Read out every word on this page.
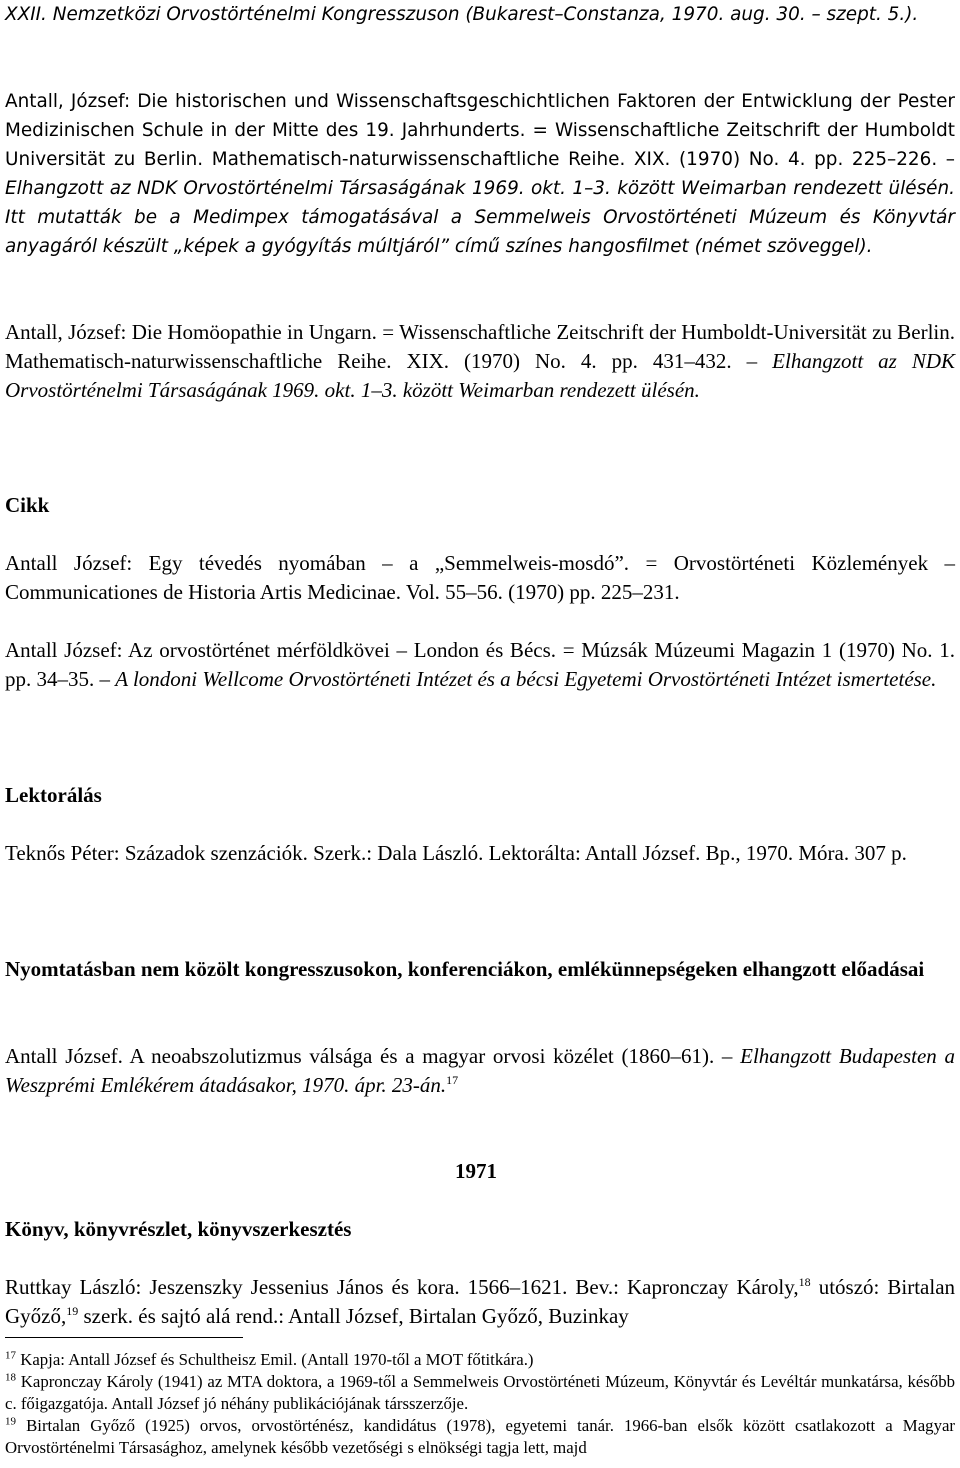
XXII. Nemzetközi Orvostörténelmi Kongresszuson (Bukarest–Constanza, 1970. aug. 30. – szept. 5.).
Antall, József: Die historischen und Wissenschaftsgeschichtlichen Faktoren der Entwicklung der Pester Medizinischen Schule in der Mitte des 19. Jahrhunderts. = Wissenschaftliche Zeitschrift der Humboldt Universität zu Berlin. Mathematisch-naturwissenschaftliche Reihe. XIX. (1970) No. 4. pp. 225–226. – Elhangzott az NDK Orvostörténelmi Társaságának 1969. okt. 1–3. között Weimarban rendezett ülésén. Itt mutatták be a Medimpex támogatásával a Semmelweis Orvostörténeti Múzeum és Könyvtár anyagáról készült „képek a gyógyítás múltjáról” című színes hangosfilmet (német szöveggel).
Antall, József: Die Homöopathie in Ungarn. = Wissenschaftliche Zeitschrift der Humboldt-Universität zu Berlin. Mathematisch-naturwissenschaftliche Reihe. XIX. (1970) No. 4. pp. 431–432. – Elhangzott az NDK Orvostörténelmi Társaságának 1969. okt. 1–3. között Weimarban rendezett ülésén.
Cikk
Antall József: Egy tévedés nyomában – a „Semmelweis-mosdó”. = Orvostörténeti Közlemények – Communicationes de Historia Artis Medicinae. Vol. 55–56. (1970) pp. 225–231.
Antall József: Az orvostörténet mérföldkövei – London és Bécs. = Múzsák Múzeumi Magazin 1 (1970) No. 1. pp. 34–35. – A londoni Wellcome Orvostörténeti Intézet és a bécsi Egyetemi Orvostörténeti Intézet ismertetése.
Lektorálás
Teknős Péter: Századok szenzációk. Szerk.: Dala László. Lektorálta: Antall József. Bp., 1970. Móra. 307 p.
Nyomtatásban nem közölt kongresszusokon, konferenciákon, emlékünnepségeken elhangzott előadásai
Antall József. A neoabszolutizmus válsága és a magyar orvosi közélet (1860–61). – Elhangzott Budapesten a Weszprémi Emlékérem átadásakor, 1970. ápr. 23-án.$^{17}$
1971
Könyv, könyvrészlet, könyvszerkesztés
Ruttkay László: Jeszenszky Jessenius János és kora. 1566–1621. Bev.: Kapronczay Károly,$^{18}$ utószó: Birtalan Győző,$^{19}$ szerk. és sajtó alá rend.: Antall József, Birtalan Győző, Buzinkay
$^{17}$ Kapja: Antall József és Schultheisz Emil. (Antall 1970-től a MOT főtitkára.)
$^{18}$ Kapronczay Károly (1941) az MTA doktora, a 1969-től a Semmelweis Orvostörténeti Múzeum, Könyvtár és Levéltár munkatársa, később c. főigazgatója. Antall József jó néhány publikációjának társszerzője.
$^{19}$ Birtalan Győző (1925) orvos, orvostörténész, kandidátus (1978), egyetemi tanár. 1966-ban elsők között csatlakozott a Magyar Orvostörténelmi Társasághoz, amelynek később vezetőségi s elnökségi tagja lett, majd
